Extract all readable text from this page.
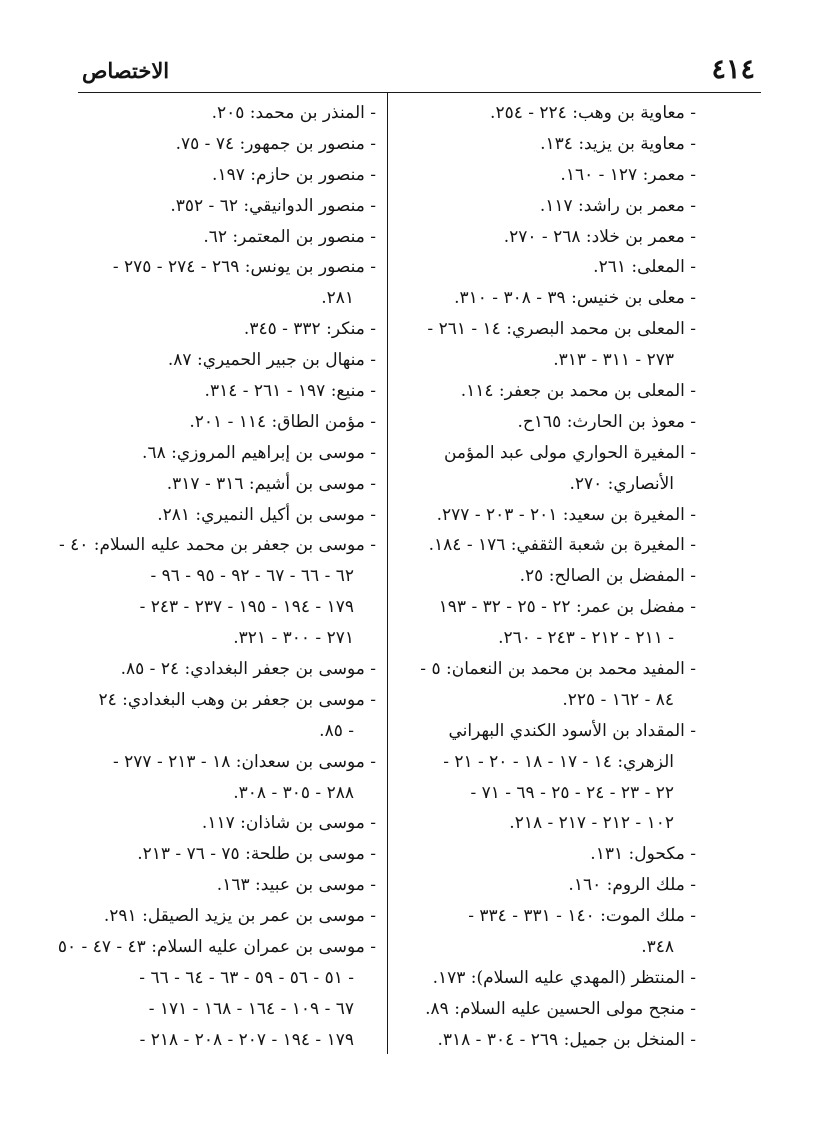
٤١٤
الاختصاص
- معاوية بن وهب: ٢٢٤ - ٢٥٤.
- معاوية بن يزيد: ١٣٤.
- معمر: ١٢٧ - ١٦٠.
- معمر بن راشد: ١١٧.
- معمر بن خلاد: ٢٦٨ - ٢٧٠.
- المعلى: ٢٦١.
- معلى بن خنيس: ٣٩ - ٣٠٨ - ٣١٠.
- المعلى بن محمد البصري: ١٤ - ٢٦١ -
٢٧٣ - ٣١١ - ٣١٣.
- المعلى بن محمد بن جعفر: ١١٤.
- معوذ بن الحارث: ١٦٥ح.
- المغيرة الحواري مولى عبد المؤمن
الأنصاري: ٢٧٠.
- المغيرة بن سعيد: ٢٠١ - ٢٠٣ - ٢٧٧.
- المغيرة بن شعبة الثقفي: ١٧٦ - ١٨٤.
- المفضل بن الصالح: ٢٥.
- مفضل بن عمر: ٢٢ - ٢٥ - ٣٢ - ١٩٣
- ٢١١ - ٢١٢ - ٢٤٣ - ٢٦٠.
- المفيد محمد بن محمد بن النعمان: ٥ -
٨٤ - ١٦٢ - ٢٢٥.
- المقداد بن الأسود الكندي البهراني
الزهري: ١٤ - ١٧ - ١٨ - ٢٠ - ٢١ -
٢٢ - ٢٣ - ٢٤ - ٢٥ - ٦٩ - ٧١ -
١٠٢ - ٢١٢ - ٢١٧ - ٢١٨.
- مكحول: ١٣١.
- ملك الروم: ١٦٠.
- ملك الموت: ١٤٠ - ٣٣١ - ٣٣٤ -
٣٤٨.
- المنتظر (المهدي عليه السلام): ١٧٣.
- منجح مولى الحسين عليه السلام: ٨٩.
- المنخل بن جميل: ٢٦٩ - ٣٠٤ - ٣١٨.
- المنذر بن محمد: ٢٠٥.
- منصور بن جمهور: ٧٤ - ٧٥.
- منصور بن حازم: ١٩٧.
- منصور الدوانيقي: ٦٢ - ٣٥٢.
- منصور بن المعتمر: ٦٢.
- منصور بن يونس: ٢٦٩ - ٢٧٤ - ٢٧٥ -
٢٨١.
- منكر: ٣٣٢ - ٣٤٥.
- منهال بن جبير الحميري: ٨٧.
- منيع: ١٩٧ - ٢٦١ - ٣١٤.
- مؤمن الطاق: ١١٤ - ٢٠١.
- موسى بن إبراهيم المروزي: ٦٨.
- موسى بن أشيم: ٣١٦ - ٣١٧.
- موسى بن أكيل النميري: ٢٨١.
- موسى بن جعفر بن محمد عليه السلام: ٤٠ -
٦٢ - ٦٦ - ٦٧ - ٩٢ - ٩٥ - ٩٦ -
١٧٩ - ١٩٤ - ١٩٥ - ٢٣٧ - ٢٤٣ -
٢٧١ - ٣٠٠ - ٣٢١.
- موسى بن جعفر البغدادي: ٢٤ - ٨٥.
- موسى بن جعفر بن وهب البغدادي: ٢٤
- ٨٥.
- موسى بن سعدان: ١٨ - ٢١٣ - ٢٧٧ -
٢٨٨ - ٣٠٥ - ٣٠٨.
- موسى بن شاذان: ١١٧.
- موسى بن طلحة: ٧٥ - ٧٦ - ٢١٣.
- موسى بن عبيد: ١٦٣.
- موسى بن عمر بن يزيد الصيقل: ٢٩١.
- موسى بن عمران عليه السلام: ٤٣ - ٤٧ - ٥٠
- ٥١ - ٥٦ - ٥٩ - ٦٣ - ٦٤ - ٦٦ -
٦٧ - ١٠٩ - ١٦٤ - ١٦٨ - ١٧١ -
١٧٩ - ١٩٤ - ٢٠٧ - ٢٠٨ - ٢١٨ -
